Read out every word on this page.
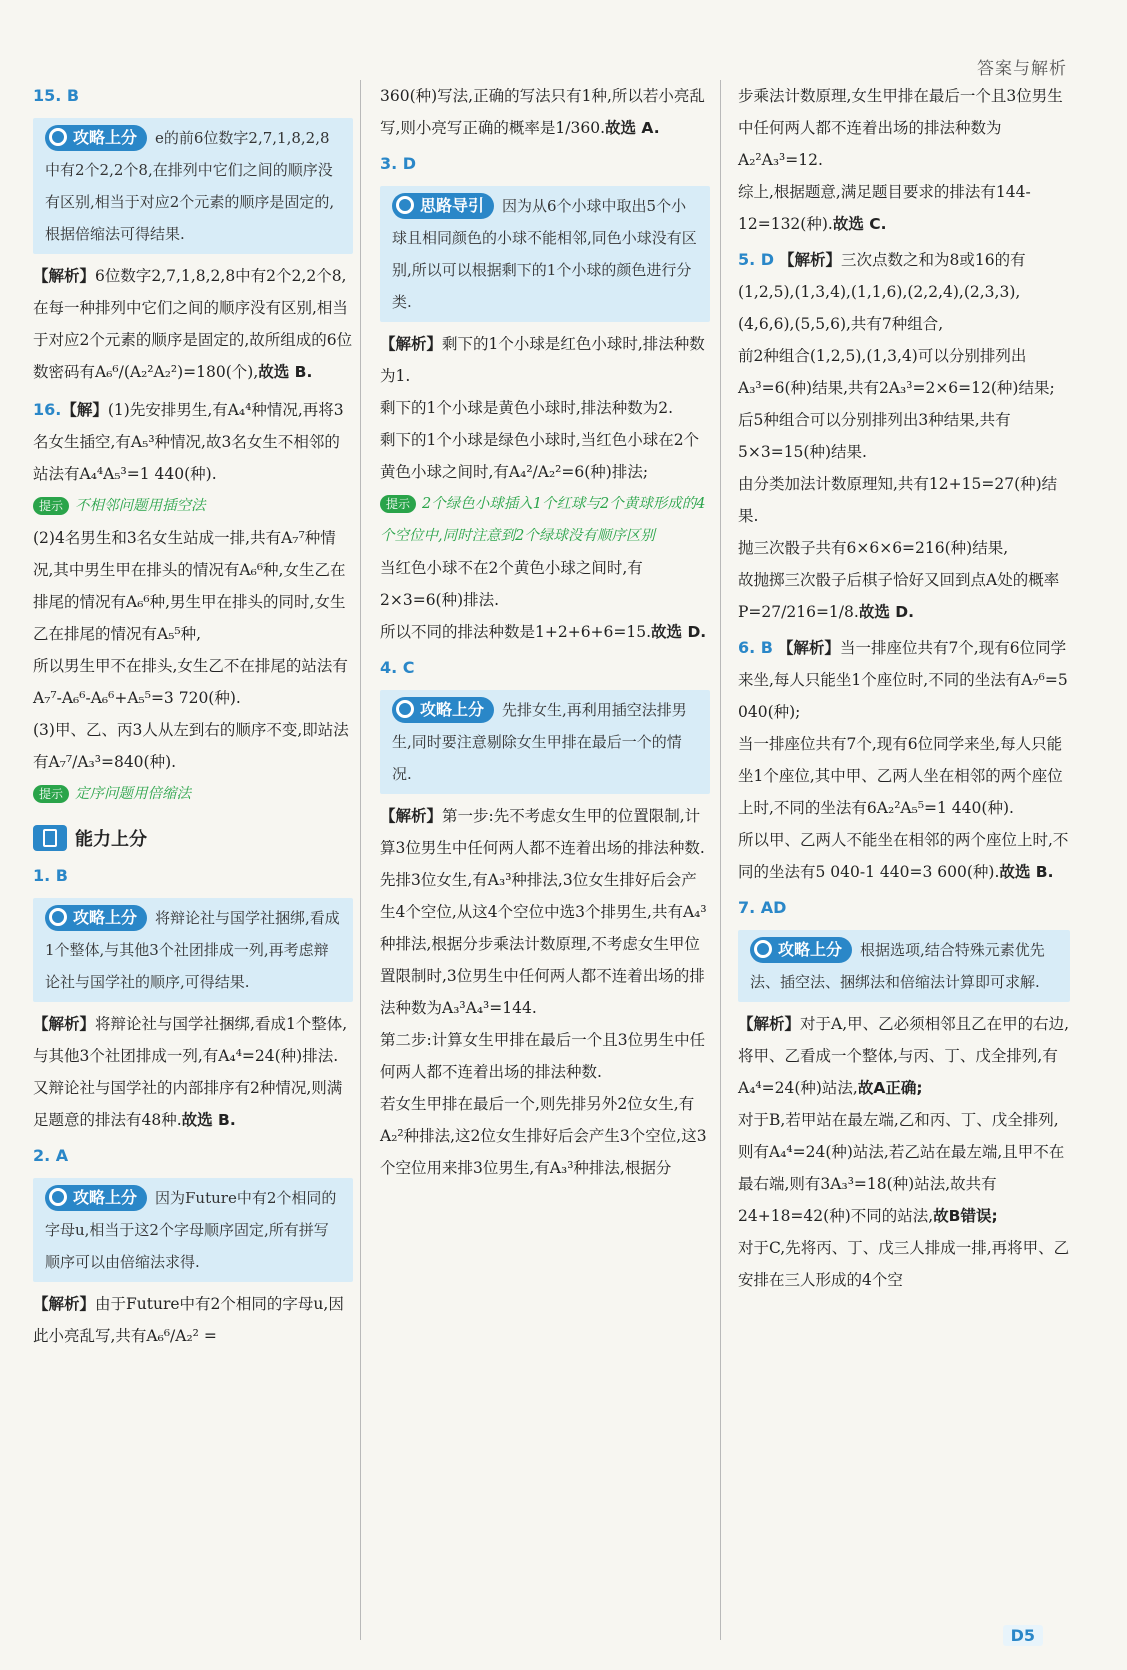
答案与解析
15. B
攻略上分 e的前6位数字2,7,1,8,2,8中有2个2,2个8,在排列中它们之间的顺序没有区别,相当于对应2个元素的顺序是固定的,根据倍缩法可得结果.

【解析】6位数字2,7,1,8,2,8中有2个2,2个8,在每一种排列中它们之间的顺序没有区别,相当于对应2个元素的顺序是固定的,故所组成的6位数密码有A₆⁶/(A₂²A₂²)=180(个),故选 B.

16.【解】(1)先安排男生,有A₄⁴种情况,再将3名女生插空,有A₅³种情况,故3名女生不相邻的站法有A₄⁴A₅³=1 440(种).
提示 不相邻问题用插空法

(2)4名男生和3名女生站成一排,共有A₇⁷种情况,其中男生甲在排头的情况有A₆⁶种,女生乙在排尾的情况有A₆⁶种,男生甲在排头的同时,女生乙在排尾的情况有A₅⁵种,

所以男生甲不在排头,女生乙不在排尾的站法有A₇⁷-A₆⁶-A₆⁶+A₅⁵=3 720(种).

(3)甲、乙、丙3人从左到右的顺序不变,即站法有A₇⁷/A₃³=840(种).

提示 定序问题用倍缩法
能力上分
1. B
攻略上分 将辩论社与国学社捆绑,看成1个整体,与其他3个社团排成一列,再考虑辩论社与国学社的顺序,可得结果.

【解析】将辩论社与国学社捆绑,看成1个整体,与其他3个社团排成一列,有A₄⁴=24(种)排法.又辩论社与国学社的内部排序有2种情况,则满足题意的排法有48种.故选 B.

2. A
攻略上分 因为Future中有2个相同的字母u,相当于这2个字母顺序固定,所有拼写顺序可以由倍缩法求得.

【解析】由于Future中有2个相同的字母u,因此小亮乱写,共有A₆⁶/A₂² =

360(种)写法,正确的写法只有1种,所以若小亮乱写,则小亮写正确的概率是1/360.故选 A.

3. D
思路导引 因为从6个小球中取出5个小球且相同颜色的小球不能相邻,同色小球没有区别,所以可以根据剩下的1个小球的颜色进行分类.

【解析】剩下的1个小球是红色小球时,排法种数为1.

剩下的1个小球是黄色小球时,排法种数为2.

剩下的1个小球是绿色小球时,当红色小球在2个黄色小球之间时,有A₄²/A₂²=6(种)排法;

提示 2个绿色小球插入1个红球与2个黄球形成的4个空位中,同时注意到2个绿球没有顺序区别

当红色小球不在2个黄色小球之间时,有2×3=6(种)排法.

所以不同的排法种数是1+2+6+6=15.故选 D.

4. C
攻略上分 先排女生,再利用插空法排男生,同时要注意剔除女生甲排在最后一个的情况.

【解析】第一步:先不考虑女生甲的位置限制,计算3位男生中任何两人都不连着出场的排法种数.

先排3位女生,有A₃³种排法,3位女生排好后会产生4个空位,从这4个空位中选3个排男生,共有A₄³种排法,根据分步乘法计数原理,不考虑女生甲位置限制时,3位男生中任何两人都不连着出场的排法种数为A₃³A₄³=144.

第二步:计算女生甲排在最后一个且3位男生中任何两人都不连着出场的排法种数.

若女生甲排在最后一个,则先排另外2位女生,有A₂²种排法,这2位女生排好后会产生3个空位,这3个空位用来排3位男生,有A₃³种排法,根据分

步乘法计数原理,女生甲排在最后一个且3位男生中任何两人都不连着出场的排法种数为A₂²A₃³=12.

综上,根据题意,满足题目要求的排法有144-12=132(种).故选 C.

5. D 【解析】三次点数之和为8或16的有(1,2,5),(1,3,4),(1,1,6),(2,2,4),(2,3,3),(4,6,6),(5,5,6),共有7种组合,

前2种组合(1,2,5),(1,3,4)可以分别排列出A₃³=6(种)结果,共有2A₃³=2×6=12(种)结果;

后5种组合可以分别排列出3种结果,共有5×3=15(种)结果.

由分类加法计数原理知,共有12+15=27(种)结果.

抛三次骰子共有6×6×6=216(种)结果,

故抛掷三次骰子后棋子恰好又回到点A处的概率P=27/216=1/8.故选 D.

6. B 【解析】当一排座位共有7个,现有6位同学来坐,每人只能坐1个座位时,不同的坐法有A₇⁶=5 040(种);

当一排座位共有7个,现有6位同学来坐,每人只能坐1个座位,其中甲、乙两人坐在相邻的两个座位上时,不同的坐法有6A₂²A₅⁵=1 440(种).

所以甲、乙两人不能坐在相邻的两个座位上时,不同的坐法有5 040-1 440=3 600(种).故选 B.

7. AD
攻略上分 根据选项,结合特殊元素优先法、插空法、捆绑法和倍缩法计算即可求解.

【解析】对于A,甲、乙必须相邻且乙在甲的右边,将甲、乙看成一个整体,与丙、丁、戊全排列,有A₄⁴=24(种)站法,故A正确;

对于B,若甲站在最左端,乙和丙、丁、戊全排列,则有A₄⁴=24(种)站法,若乙站在最左端,且甲不在最右端,则有3A₃³=18(种)站法,故共有24+18=42(种)不同的站法,故B错误;

对于C,先将丙、丁、戊三人排成一排,再将甲、乙安排在三人形成的4个空

D5
